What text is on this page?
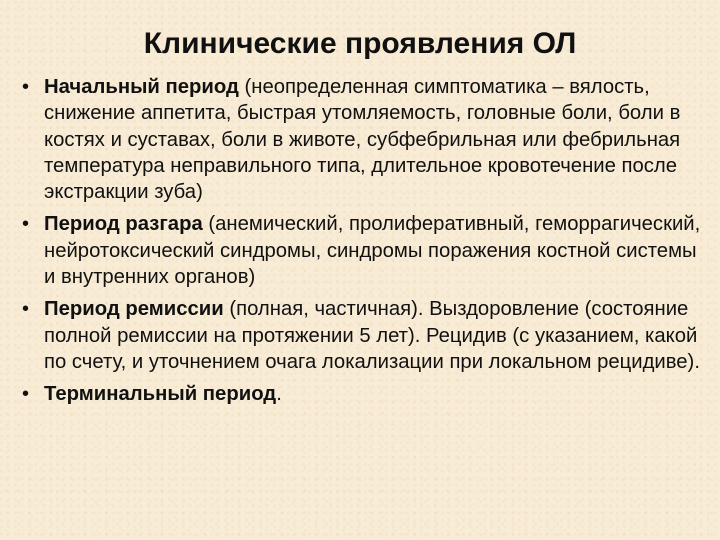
Клинические проявления ОЛ
• Начальный период (неопределенная симптоматика – вялость, снижение аппетита, быстрая утомляемость, головные боли, боли в костях и суставах, боли в животе, субфебрильная или фебрильная температура неправильного типа, длительное кровотечение после экстракции зуба)
• Период разгара (анемический, пролиферативный, геморрагический, нейротоксический синдромы, синдромы поражения костной системы и внутренних органов)
• Период ремиссии (полная, частичная). Выздоровление (состояние полной ремиссии на протяжении 5 лет). Рецидив (с указанием, какой по счету, и уточнением очага локализации при локальном рецидиве).
• Терминальный период.
